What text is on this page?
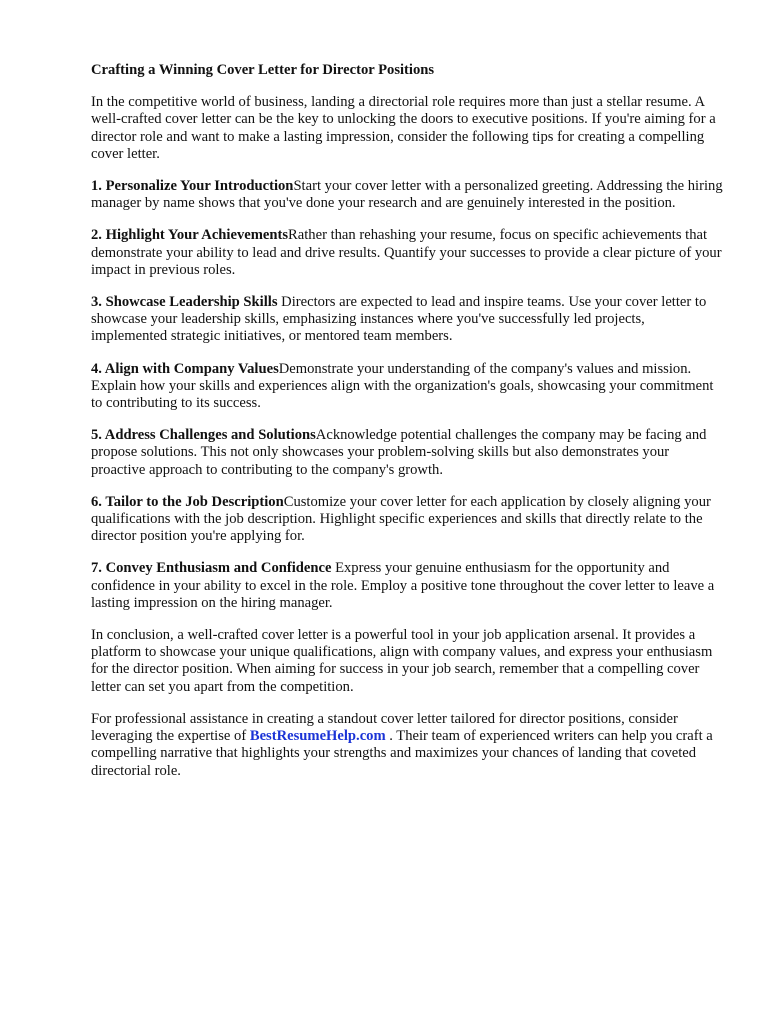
Crafting a Winning Cover Letter for Director Positions

In the competitive world of business, landing a directorial role requires more than just a stellar resume. A well-crafted cover letter can be the key to unlocking the doors to executive positions. If you're aiming for a director role and want to make a lasting impression, consider the following tips for creating a compelling cover letter.

1. Personalize Your IntroductionStart your cover letter with a personalized greeting. Addressing the hiring manager by name shows that you've done your research and are genuinely interested in the position.

2. Highlight Your AchievementsRather than rehashing your resume, focus on specific achievements that demonstrate your ability to lead and drive results. Quantify your successes to provide a clear picture of your impact in previous roles.

3. Showcase Leadership Skills Directors are expected to lead and inspire teams. Use your cover letter to showcase your leadership skills, emphasizing instances where you've successfully led projects, implemented strategic initiatives, or mentored team members.

4. Align with Company ValuesDemonstrate your understanding of the company's values and mission. Explain how your skills and experiences align with the organization's goals, showcasing your commitment to contributing to its success.

5. Address Challenges and SolutionsAcknowledge potential challenges the company may be facing and propose solutions. This not only showcases your problem-solving skills but also demonstrates your proactive approach to contributing to the company's growth.

6. Tailor to the Job DescriptionCustomize your cover letter for each application by closely aligning your qualifications with the job description. Highlight specific experiences and skills that directly relate to the director position you're applying for.

7. Convey Enthusiasm and Confidence Express your genuine enthusiasm for the opportunity and confidence in your ability to excel in the role. Employ a positive tone throughout the cover letter to leave a lasting impression on the hiring manager.

In conclusion, a well-crafted cover letter is a powerful tool in your job application arsenal. It provides a platform to showcase your unique qualifications, align with company values, and express your enthusiasm for the director position. When aiming for success in your job search, remember that a compelling cover letter can set you apart from the competition.

For professional assistance in creating a standout cover letter tailored for director positions, consider leveraging the expertise of BestResumeHelp.com . Their team of experienced writers can help you craft a compelling narrative that highlights your strengths and maximizes your chances of landing that coveted directorial role.
